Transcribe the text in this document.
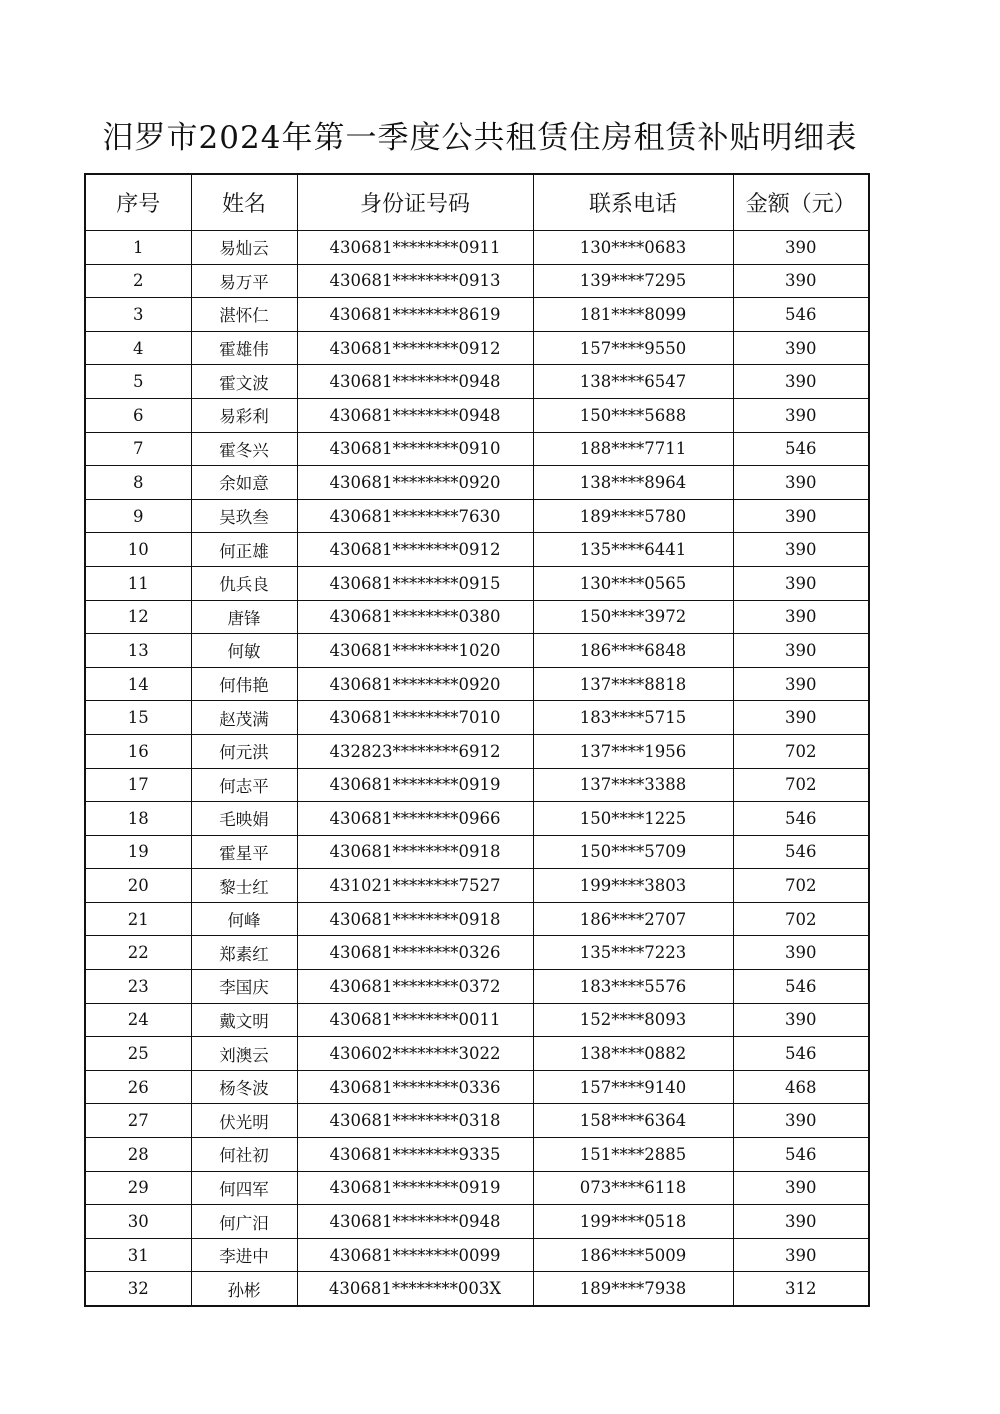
汨罗市2024年第一季度公共租赁住房租赁补贴明细表
序号	姓名	身份证号码	联系电话	金额（元）
1	易灿云	430681********0911	130****0683	390
2	易万平	430681********0913	139****7295	390
3	湛怀仁	430681********8619	181****8099	546
4	霍雄伟	430681********0912	157****9550	390
5	霍文波	430681********0948	138****6547	390
6	易彩利	430681********0948	150****5688	390
7	霍冬兴	430681********0910	188****7711	546
8	余如意	430681********0920	138****8964	390
9	吴玖叁	430681********7630	189****5780	390
10	何正雄	430681********0912	135****6441	390
11	仇兵良	430681********0915	130****0565	390
12	唐锋	430681********0380	150****3972	390
13	何敏	430681********1020	186****6848	390
14	何伟艳	430681********0920	137****8818	390
15	赵茂满	430681********7010	183****5715	390
16	何元洪	432823********6912	137****1956	702
17	何志平	430681********0919	137****3388	702
18	毛映娟	430681********0966	150****1225	546
19	霍星平	430681********0918	150****5709	546
20	黎士红	431021********7527	199****3803	702
21	何峰	430681********0918	186****2707	702
22	郑素红	430681********0326	135****7223	390
23	李国庆	430681********0372	183****5576	546
24	戴文明	430681********0011	152****8093	390
25	刘澳云	430602********3022	138****0882	546
26	杨冬波	430681********0336	157****9140	468
27	伏光明	430681********0318	158****6364	390
28	何社初	430681********9335	151****2885	546
29	何四军	430681********0919	073****6118	390
30	何广汨	430681********0948	199****0518	390
31	李进中	430681********0099	186****5009	390
32	孙彬	430681********003X	189****7938	312
